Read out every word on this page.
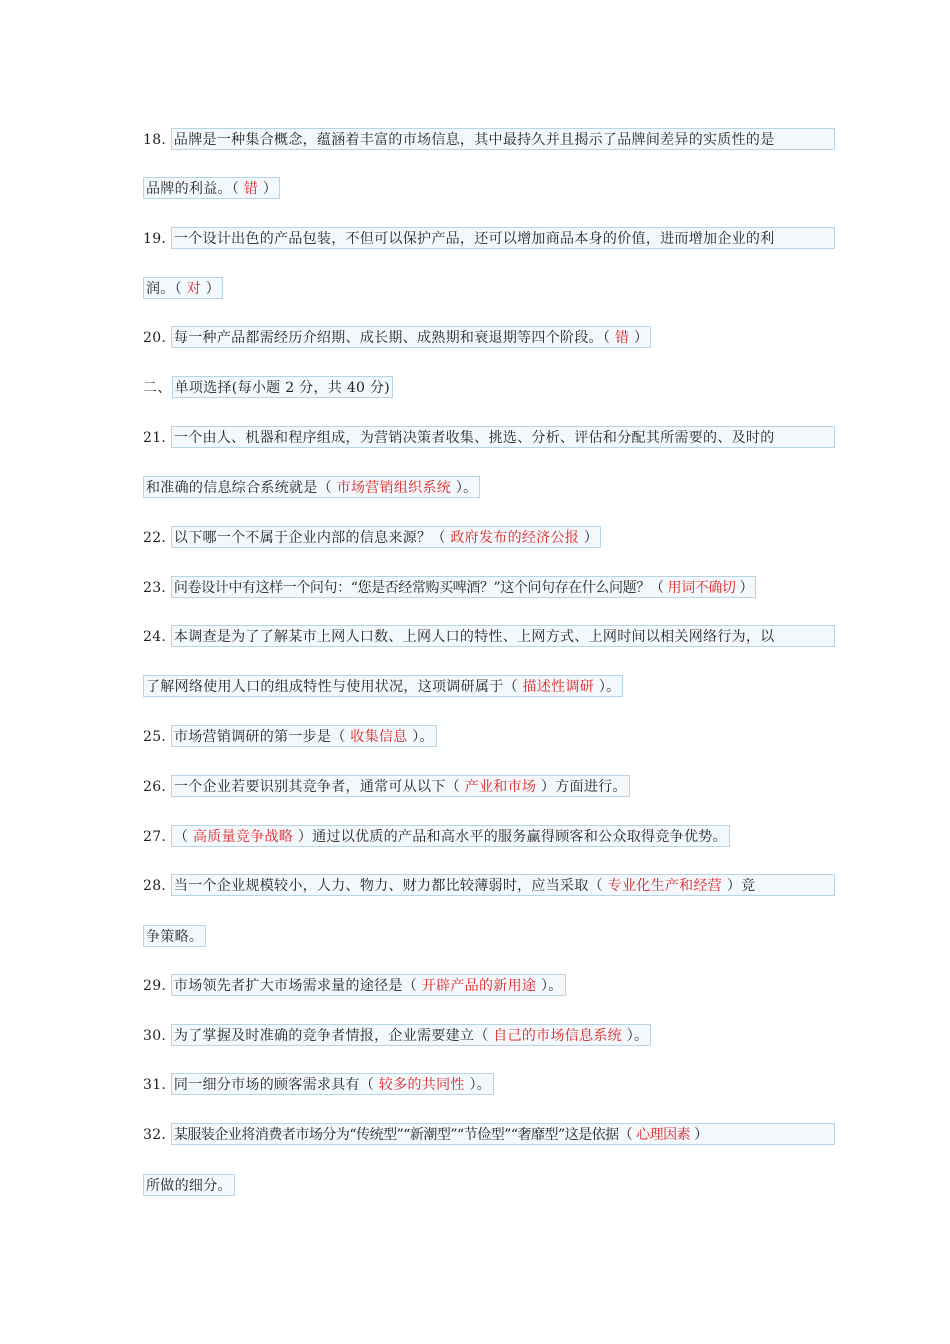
18. 品牌是一种集合概念，蕴涵着丰富的市场信息，其中最持久并且揭示了品牌间差异的实质性的是
品牌的利益。（ 错 ）
19. 一个设计出色的产品包装，不但可以保护产品，还可以增加商品本身的价值，进而增加企业的利
润。（ 对 ）
20. 每一种产品都需经历介绍期、成长期、成熟期和衰退期等四个阶段。（ 错 ）
二、 单项选择(每小题 2 分，共 40 分)
21. 一个由人、机器和程序组成，为营销决策者收集、挑选、分析、评估和分配其所需要的、及时的
和准确的信息综合系统就是（ 市场营销组织系统 ）。
22. 以下哪一个不属于企业内部的信息来源？（ 政府发布的经济公报 ）
23. 问卷设计中有这样一个问句：“您是否经常购买啤酒？”这个问句存在什么问题？（ 用词不确切 ）
24. 本调查是为了了解某市上网人口数、上网人口的特性、上网方式、上网时间以相关网络行为，以
了解网络使用人口的组成特性与使用状况，这项调研属于（ 描述性调研 ）。
25. 市场营销调研的第一步是（ 收集信息 ）。
26. 一个企业若要识别其竞争者，通常可从以下（ 产业和市场 ）方面进行。
27. （ 高质量竞争战略 ）通过以优质的产品和高水平的服务赢得顾客和公众取得竞争优势。
28. 当一个企业规模较小，人力、物力、财力都比较薄弱时，应当采取（ 专业化生产和经营 ）竞
争策略。
29. 市场领先者扩大市场需求量的途径是（ 开辟产品的新用途 ）。
30. 为了掌握及时准确的竞争者情报，企业需要建立（ 自己的市场信息系统 ）。
31. 同一细分市场的顾客需求具有（ 较多的共同性 ）。
32. 某服装企业将消费者市场分为“传统型”“新潮型”“节俭型”“奢靡型”这是依据（ 心理因素 ）
所做的细分。
